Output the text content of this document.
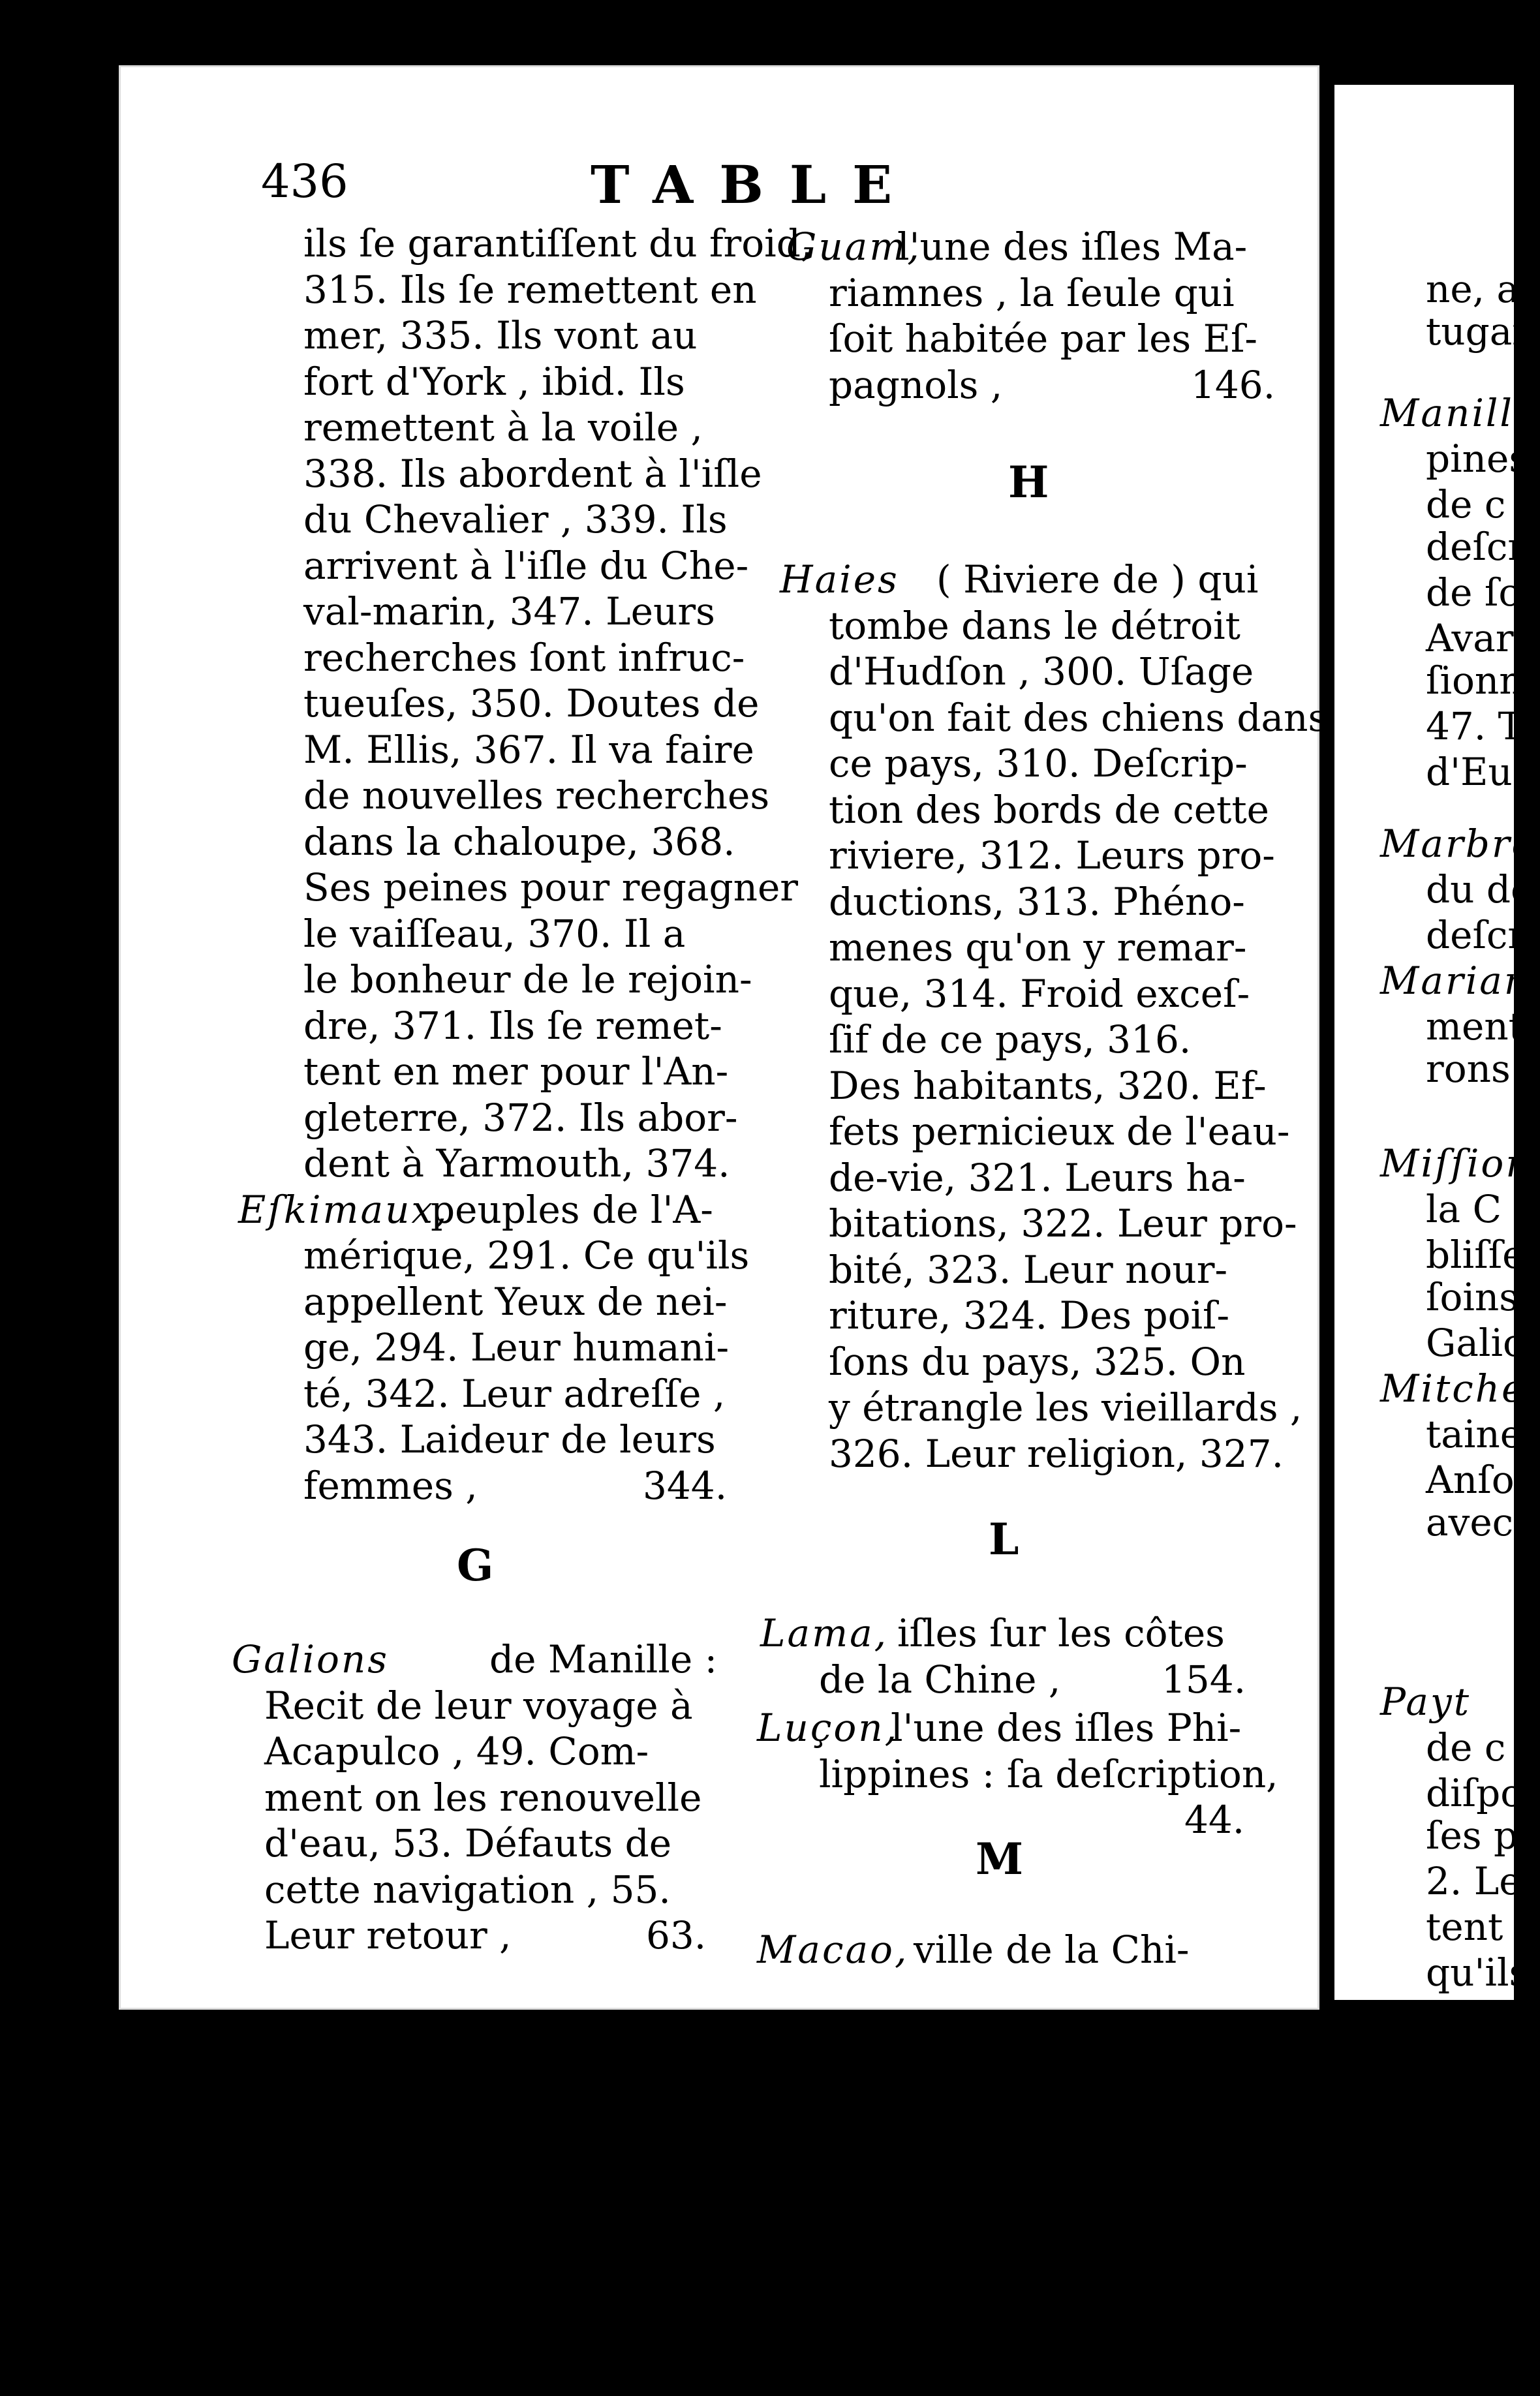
436	TABLE
ils ſe garantiſſent du froid,
315. Ils ſe remettent en
mer, 335. Ils vont au
fort d'York , ibid. Ils
remettent à la voile ,
338. Ils abordent à l'iſle
du Chevalier , 339. Ils
arrivent à l'iſle du Che-
val-marin, 347. Leurs
recherches ſont infruc-
tueuſes, 350. Doutes de
M. Ellis, 367. Il va faire
de nouvelles recherches
dans la chaloupe, 368.
Ses peines pour regagner
le vaiſſeau, 370. Il a
le bonheur de le rejoin-
dre, 371. Ils ſe remet-
tent en mer pour l'An-
gleterre, 372. Ils abor-
dent à Yarmouth, 374.
peuples de l'A-
mérique, 291. Ce qu'ils
appellent Yeux de nei-
ge, 294. Leur humani-
té, 342. Leur adreſſe ,
343. Laideur de leurs
femmes ,	344.
Eſkimaux,
G
Galions	de Manille :
Recit de leur voyage à
Acapulco , 49. Com-
ment on les renouvelle
d'eau, 53. Défauts de
cette navigation , 55.
Leur retour ,	63.
Guam,
l'une des iſles Ma-
riamnes , la ſeule qui
ſoit habitée par les Eſ-
pagnols ,	146.
H
Haies ( Riviere de ) qui
tombe dans le détroit
d'Hudſon , 300. Uſage
qu'on fait des chiens dans
ce pays, 310. Deſcrip-
tion des bords de cette
riviere, 312. Leurs pro-
ductions, 313. Phéno-
menes qu'on y remar-
que, 314. Froid exceſ-
ſif de ce pays, 316.
Des habitants, 320. Ef-
fets pernicieux de l'eau-
de-vie, 321. Leurs ha-
bitations, 322. Leur pro-
bité, 323. Leur nour-
riture, 324. Des poiſ-
ſons du pays, 325. On
y étrangle les vieillards ,
326. Leur religion, 327.
L
Lama, iſles ſur les côtes
de la Chine ,	154.
Luçon,
l'une des iſles Phi-
lippines : ſa deſcription,
44.
M
Macao, ville de la Chi-
ne, a
tugai
Manill
pines
de c
deſcr
de ſc
Avar
ſionn
47. T
d'Eu
Marbre
du de
deſcr
Marian
ment
rons
Miſſion
la C
bliſſe
ſoins
Galic
Mitchel
taine
Anſo
avec
Payt
de c
diſpo
ſes p
2. Le
tent l
qu'ils
